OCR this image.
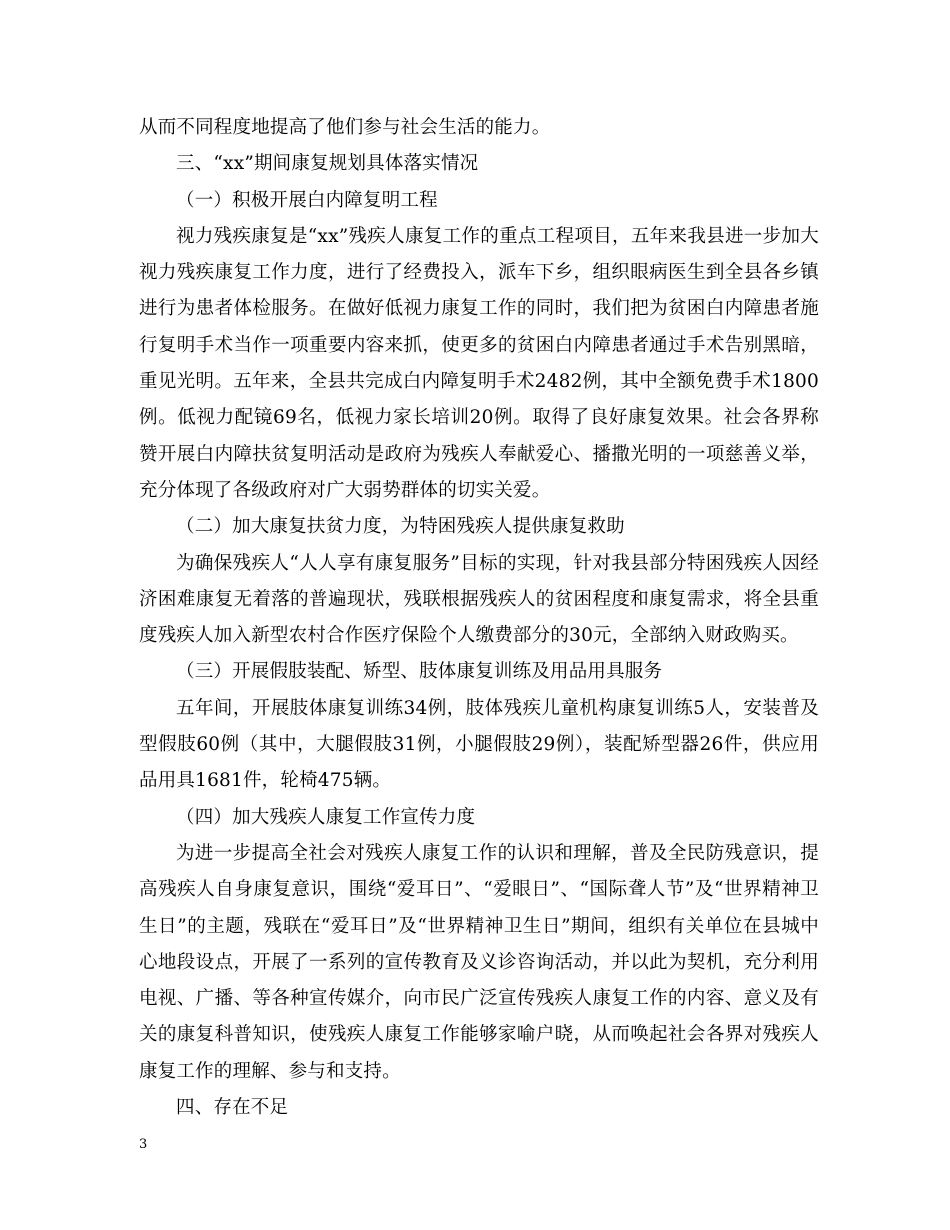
从而不同程度地提高了他们参与社会生活的能力。

三、“xx”期间康复规划具体落实情况

（一）积极开展白内障复明工程

视力残疾康复是“xx”残疾人康复工作的重点工程项目，五年来我县进一步加大视力残疾康复工作力度，进行了经费投入，派车下乡，组织眼病医生到全县各乡镇进行为患者体检服务。在做好低视力康复工作的同时，我们把为贫困白内障患者施行复明手术当作一项重要内容来抓，使更多的贫困白内障患者通过手术告别黑暗，重见光明。五年来，全县共完成白内障复明手术2482例，其中全额免费手术1800例。低视力配镜69名，低视力家长培训20例。取得了良好康复效果。社会各界称赞开展白内障扶贫复明活动是政府为残疾人奉献爱心、播撒光明的一项慈善义举，充分体现了各级政府对广大弱势群体的切实关爱。

（二）加大康复扶贫力度，为特困残疾人提供康复救助

为确保残疾人“人人享有康复服务”目标的实现，针对我县部分特困残疾人因经济困难康复无着落的普遍现状，残联根据残疾人的贫困程度和康复需求，将全县重度残疾人加入新型农村合作医疗保险个人缴费部分的30元，全部纳入财政购买。

（三）开展假肢装配、矫型、肢体康复训练及用品用具服务

五年间，开展肢体康复训练34例，肢体残疾儿童机构康复训练5人，安装普及型假肢60例（其中，大腿假肢31例，小腿假肢29例），装配矫型器26件，供应用品用具1681件，轮椅475辆。

（四）加大残疾人康复工作宣传力度

为进一步提高全社会对残疾人康复工作的认识和理解，普及全民防残意识，提高残疾人自身康复意识，围绕“爱耳日”、“爱眼日”、“国际聋人节”及“世界精神卫生日”的主题，残联在“爱耳日”及“世界精神卫生日”期间，组织有关单位在县城中心地段设点，开展了一系列的宣传教育及义诊咨询活动，并以此为契机，充分利用电视、广播、等各种宣传媒介，向市民广泛宣传残疾人康复工作的内容、意义及有关的康复科普知识，使残疾人康复工作能够家喻户晓，从而唤起社会各界对残疾人康复工作的理解、参与和支持。

四、存在不足

3
